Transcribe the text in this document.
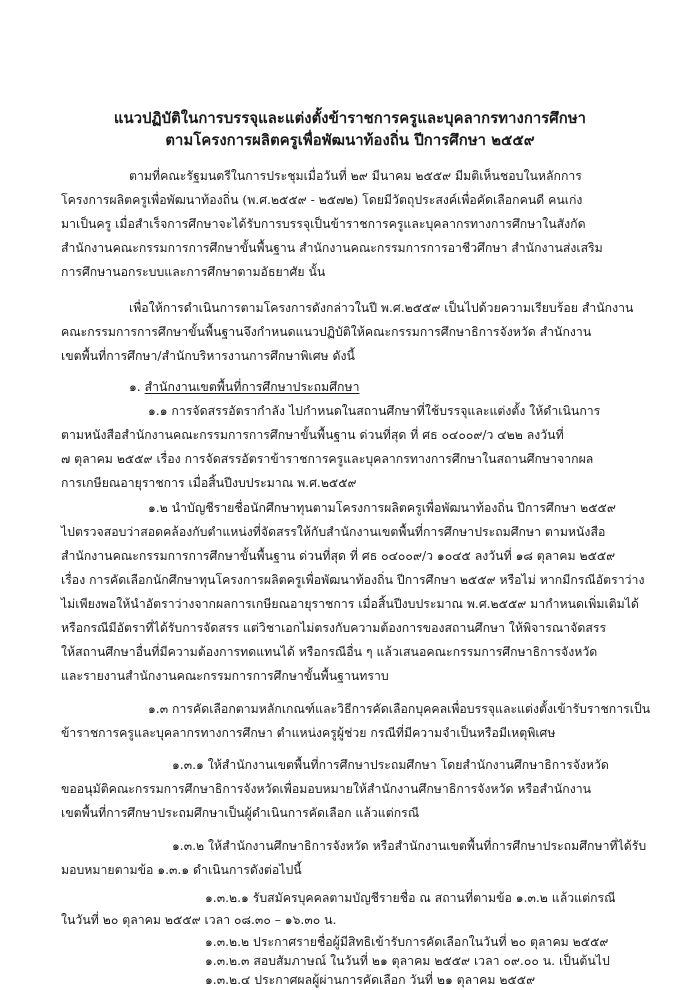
แนวปฏิบัติในการบรรจุและแต่งตั้งข้าราชการครูและบุคลากรทางการศึกษา
ตามโครงการผลิตครูเพื่อพัฒนาท้องถิ่น ปีการศึกษา ๒๕๕๙
ตามที่คณะรัฐมนตรีในการประชุมเมื่อวันที่ ๒๙ มีนาคม ๒๕๕๙ มีมติเห็นชอบในหลักการ
โครงการผลิตครูเพื่อพัฒนาท้องถิ่น (พ.ศ.๒๕๕๙ - ๒๕๗๒) โดยมีวัตถุประสงค์เพื่อคัดเลือกคนดี คนเก่ง
มาเป็นครู เมื่อสำเร็จการศึกษาจะได้รับการบรรจุเป็นข้าราชการครูและบุคลากรทางการศึกษาในสังกัด
สำนักงานคณะกรรมการการศึกษาขั้นพื้นฐาน สำนักงานคณะกรรมการการอาชีวศึกษา สำนักงานส่งเสริม
การศึกษานอกระบบและการศึกษาตามอัธยาศัย นั้น
เพื่อให้การดำเนินการตามโครงการดังกล่าวในปี พ.ศ.๒๕๕๙ เป็นไปด้วยความเรียบร้อย สำนักงาน
คณะกรรมการการศึกษาขั้นพื้นฐานจึงกำหนดแนวปฏิบัติให้คณะกรรมการศึกษาธิการจังหวัด สำนักงาน
เขตพื้นที่การศึกษา/สำนักบริหารงานการศึกษาพิเศษ ดังนี้
๑. สำนักงานเขตพื้นที่การศึกษาประถมศึกษา
๑.๑ การจัดสรรอัตรากำลัง ไปกำหนดในสถานศึกษาที่ใช้บรรจุและแต่งตั้ง ให้ดำเนินการ
ตามหนังสือสำนักงานคณะกรรมการการศึกษาขั้นพื้นฐาน ด่วนที่สุด ที่ ศธ ๐๔๐๐๙/ว ๔๒๒ ลงวันที่
๗ ตุลาคม ๒๕๕๙ เรื่อง การจัดสรรอัตราข้าราชการครูและบุคลากรทางการศึกษาในสถานศึกษาจากผล
การเกษียณอายุราชการ เมื่อสิ้นปีงบประมาณ พ.ศ.๒๕๕๙
๑.๒ นำบัญชีรายชื่อนักศึกษาทุนตามโครงการผลิตครูเพื่อพัฒนาท้องถิ่น ปีการศึกษา ๒๕๕๙
ไปตรวจสอบว่าสอดคล้องกับตำแหน่งที่จัดสรรให้กับสำนักงานเขตพื้นที่การศึกษาประถมศึกษา ตามหนังสือ
สำนักงานคณะกรรมการการศึกษาขั้นพื้นฐาน ด่วนที่สุด ที่ ศธ ๐๔๐๐๙/ว ๑๐๔๕ ลงวันที่ ๑๘ ตุลาคม ๒๕๕๙
เรื่อง การคัดเลือกนักศึกษาทุนโครงการผลิตครูเพื่อพัฒนาท้องถิ่น ปีการศึกษา ๒๕๕๙ หรือไม่ หากมีกรณีอัตราว่าง
ไม่เพียงพอให้นำอัตราว่างจากผลการเกษียณอายุราชการ เมื่อสิ้นปีงบประมาณ พ.ศ.๒๕๕๙ มากำหนดเพิ่มเติมได้
หรือกรณีมีอัตราที่ได้รับการจัดสรร แต่วิชาเอกไม่ตรงกับความต้องการของสถานศึกษา ให้พิจารณาจัดสรร
ให้สถานศึกษาอื่นที่มีความต้องการทดแทนได้ หรือกรณีอื่น ๆ แล้วเสนอคณะกรรมการศึกษาธิการจังหวัด
และรายงานสำนักงานคณะกรรมการการศึกษาขั้นพื้นฐานทราบ
๑.๓ การคัดเลือกตามหลักเกณฑ์และวิธีการคัดเลือกบุคคลเพื่อบรรจุและแต่งตั้งเข้ารับราชการเป็น
ข้าราชการครูและบุคลากรทางการศึกษา ตำแหน่งครูผู้ช่วย กรณีที่มีความจำเป็นหรือมีเหตุพิเศษ
๑.๓.๑ ให้สำนักงานเขตพื้นที่การศึกษาประถมศึกษา โดยสำนักงานศึกษาธิการจังหวัด
ขออนุมัติคณะกรรมการศึกษาธิการจังหวัดเพื่อมอบหมายให้สำนักงานศึกษาธิการจังหวัด หรือสำนักงาน
เขตพื้นที่การศึกษาประถมศึกษาเป็นผู้ดำเนินการคัดเลือก แล้วแต่กรณี
๑.๓.๒ ให้สำนักงานศึกษาธิการจังหวัด หรือสำนักงานเขตพื้นที่การศึกษาประถมศึกษาที่ได้รับ
มอบหมายตามข้อ ๑.๓.๑ ดำเนินการดังต่อไปนี้
๑.๓.๒.๑ รับสมัครบุคคลตามบัญชีรายชื่อ ณ สถานที่ตามข้อ ๑.๓.๒ แล้วแต่กรณี
ในวันที่ ๒๐ ตุลาคม ๒๕๕๙ เวลา ๐๘.๓๐ – ๑๖.๓๐ น.
๑.๓.๒.๒ ประกาศรายชื่อผู้มีสิทธิเข้ารับการคัดเลือกในวันที่ ๒๐ ตุลาคม ๒๕๕๙
๑.๓.๒.๓ สอบสัมภาษณ์ ในวันที่ ๒๑ ตุลาคม ๒๕๕๙ เวลา ๐๙.๐๐ น. เป็นต้นไป
๑.๓.๒.๔ ประกาศผลผู้ผ่านการคัดเลือก วันที่ ๒๑ ตุลาคม ๒๕๕๙
